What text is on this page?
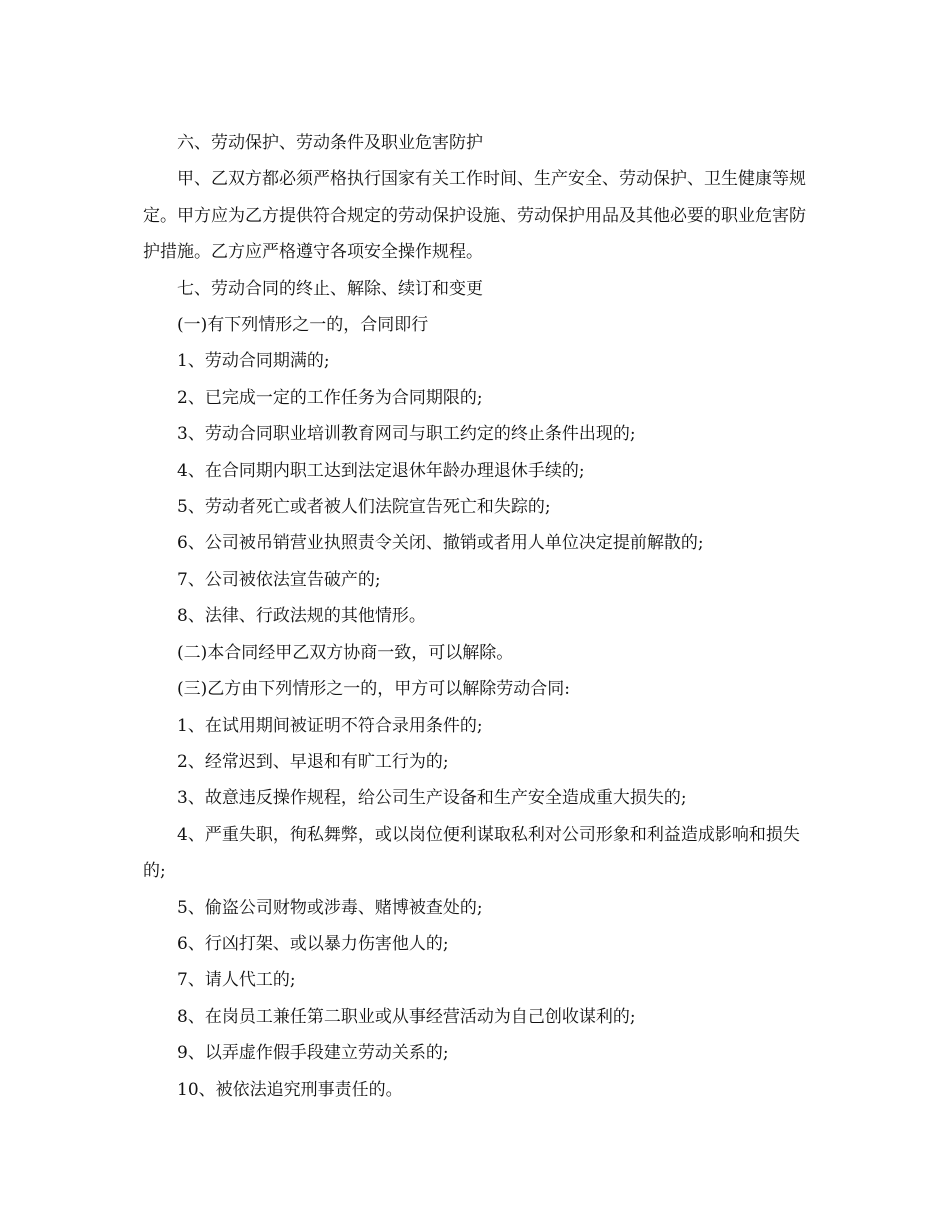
六、劳动保护、劳动条件及职业危害防护

甲、乙双方都必须严格执行国家有关工作时间、生产安全、劳动保护、卫生健康等规定。甲方应为乙方提供符合规定的劳动保护设施、劳动保护用品及其他必要的职业危害防护措施。乙方应严格遵守各项安全操作规程。

七、劳动合同的终止、解除、续订和变更

(一)有下列情形之一的，合同即行

1、劳动合同期满的;

2、已完成一定的工作任务为合同期限的;

3、劳动合同职业培训教育网司与职工约定的终止条件出现的;

4、在合同期内职工达到法定退休年龄办理退休手续的;

5、劳动者死亡或者被人们法院宣告死亡和失踪的;

6、公司被吊销营业执照责令关闭、撤销或者用人单位决定提前解散的;

7、公司被依法宣告破产的;

8、法律、行政法规的其他情形。

(二)本合同经甲乙双方协商一致，可以解除。

(三)乙方由下列情形之一的，甲方可以解除劳动合同:

1、在试用期间被证明不符合录用条件的;

2、经常迟到、早退和有旷工行为的;

3、故意违反操作规程，给公司生产设备和生产安全造成重大损失的;

4、严重失职，徇私舞弊，或以岗位便利谋取私利对公司形象和利益造成影响和损失的;

5、偷盗公司财物或涉毒、赌博被查处的;

6、行凶打架、或以暴力伤害他人的;

7、请人代工的;

8、在岗员工兼任第二职业或从事经营活动为自己创收谋利的;

9、以弄虚作假手段建立劳动关系的;

10、被依法追究刑事责任的。
